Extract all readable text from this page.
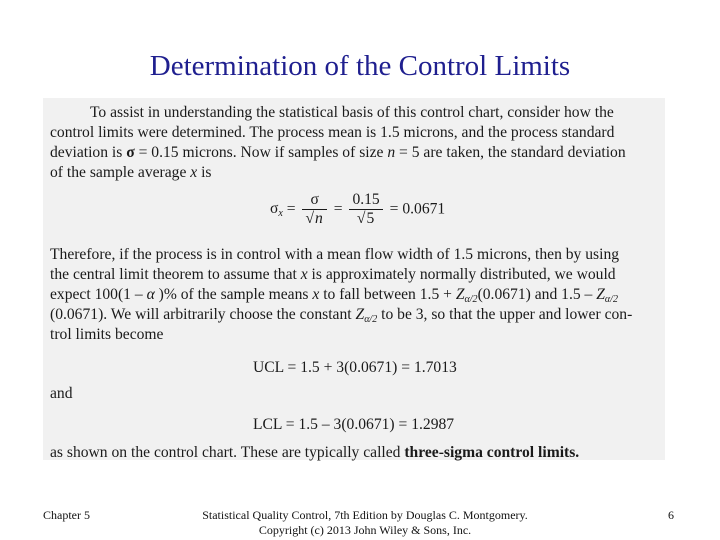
Determination of the Control Limits
To assist in understanding the statistical basis of this control chart, consider how the
control limits were determined. The process mean is 1.5 microns, and the process standard
deviation is σ = 0.15 microns. Now if samples of size n = 5 are taken, the standard deviation
of the sample average x is
$\sigma_x = \frac{\sigma}{√n} = \frac{0.15}{√5} = 0.0671$
Therefore, if the process is in control with a mean flow width of 1.5 microns, then by using
the central limit theorem to assume that x is approximately normally distributed, we would
expect 100(1 – α )% of the sample means x to fall between $1.5 + Z_{\alpha/2}(0.0671)$ and $1.5 - Z_{\alpha/2}$
(0.0671). We will arbitrarily choose the constant $Z_{\alpha/2}$ to be 3, so that the upper and lower con-
trol limits become
UCL = 1.5 + 3(0.0671) = 1.7013
and
LCL = 1.5 – 3(0.0671) = 1.2987
as shown on the control chart. These are typically called three-sigma control limits.
Chapter 5	Statistical Quality Control, 7th Edition by Douglas C. Montgomery.
Copyright (c) 2013 John Wiley & Sons, Inc.
6
